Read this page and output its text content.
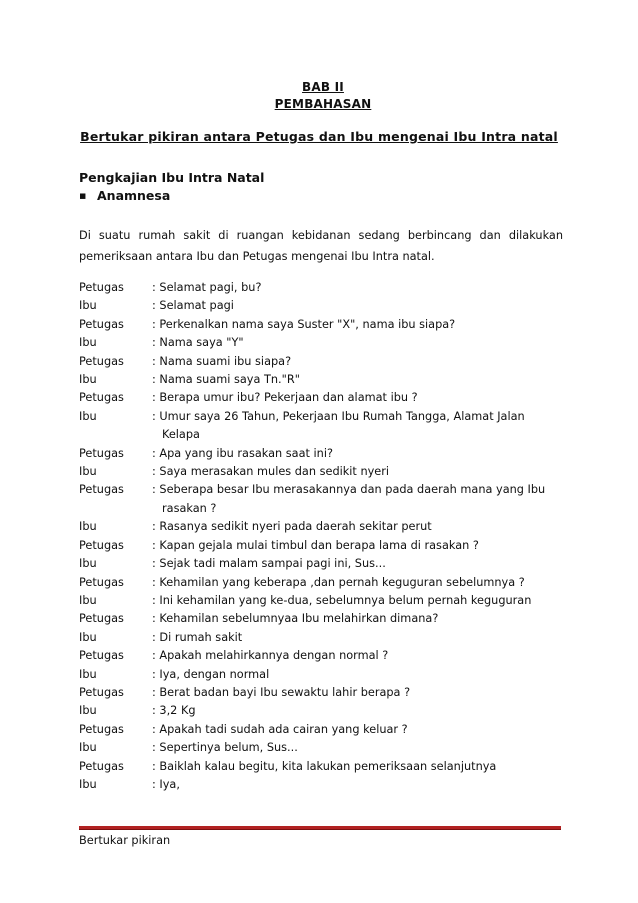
BAB II
PEMBAHASAN
Bertukar pikiran antara Petugas dan Ibu mengenai Ibu Intra natal
Pengkajian Ibu Intra Natal
▪ Anamnesa
Di suatu rumah sakit di ruangan kebidanan sedang berbincang dan dilakukan
pemeriksaan antara Ibu dan Petugas mengenai Ibu Intra natal.
Petugas	: Selamat pagi, bu?
Ibu	: Selamat pagi
Petugas	: Perkenalkan nama saya Suster "X", nama ibu siapa?
Ibu	: Nama saya "Y"
Petugas	: Nama suami ibu siapa?
Ibu	: Nama suami saya Tn."R"
Petugas	: Berapa umur ibu? Pekerjaan dan alamat ibu ?
Ibu	: Umur saya 26 Tahun, Pekerjaan Ibu Rumah Tangga, Alamat Jalan Kelapa
Petugas	: Apa yang ibu rasakan saat ini?
Ibu	: Saya merasakan mules dan sedikit nyeri
Petugas	: Seberapa besar Ibu merasakannya dan pada daerah mana yang Ibu rasakan ?
Ibu	: Rasanya sedikit nyeri pada daerah sekitar perut
Petugas	: Kapan gejala mulai timbul dan berapa lama di rasakan ?
Ibu	: Sejak tadi malam sampai pagi ini, Sus...
Petugas	: Kehamilan yang keberapa ,dan pernah keguguran sebelumnya ?
Ibu	: Ini kehamilan yang ke-dua, sebelumnya belum pernah keguguran
Petugas	: Kehamilan sebelumnyaa Ibu melahirkan dimana?
Ibu	: Di rumah sakit
Petugas	: Apakah melahirkannya dengan normal ?
Ibu	: Iya, dengan normal
Petugas	: Berat badan bayi Ibu sewaktu lahir berapa ?
Ibu	: 3,2 Kg
Petugas	: Apakah tadi sudah ada cairan yang keluar ?
Ibu	: Sepertinya belum, Sus...
Petugas	: Baiklah kalau begitu, kita lakukan pemeriksaan selanjutnya
Ibu	: Iya,
Bertukar pikiran
